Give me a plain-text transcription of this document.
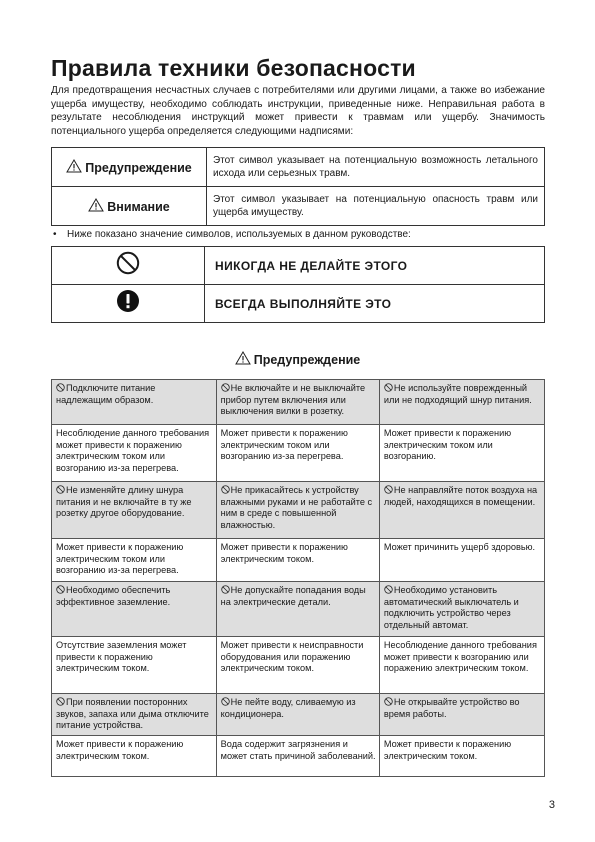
Правила техники безопасности

Для предотвращения несчастных случаев с потребителями или другими лицами, а также во избежание ущерба имуществу, необходимо соблюдать инструкции, приведенные ниже. Неправильная работа в результате несоблюдения инструкций может привести к травмам или ущербу. Значимость потенциального ущерба определяется следующими надписями:

Предупреждение	Этот символ указывает на потенциальную возможность летального исхода или серьезных травм.
Внимание	Этот символ указывает на потенциальную опасность травм или ущерба имуществу.

• Ниже показано значение символов, используемых в данном руководстве:

	НИКОГДА НЕ ДЕЛАЙТЕ ЭТОГО
	ВСЕГДА ВЫПОЛНЯЙТЕ ЭТО

Предупреждение

Подключите питание надлежащим образом.	Не включайте и не выключайте прибор путем включения или выключения вилки в розетку.	Не используйте поврежденный или не подходящий шнур питания.
Несоблюдение данного требования может привести к поражению электрическим током или возгоранию из-за перегрева.	Может привести к поражению электрическим током или возгоранию из-за перегрева.	Может привести к поражению электрическим током или возгоранию.
Не изменяйте длину шнура питания и не включайте в ту же розетку другое оборудование.	Не прикасайтесь к устройству влажными руками и не работайте с ним в среде с повышенной влажностью.	Не направляйте поток воздуха на людей, находящихся в помещении.
Может привести к поражению электрическим током или возгоранию из-за перегрева.	Может привести к поражению электрическим током.	Может причинить ущерб здоровью.
Необходимо обеспечить эффективное заземление.	Не допускайте попадания воды на электрические детали.	Необходимо установить автоматический выключатель и подключить устройство через отдельный автомат.
Отсутствие заземления может привести к поражению электрическим током.	Может привести к неисправности оборудования или поражению электрическим током.	Несоблюдение данного требования может привести к возгоранию или поражению электрическим током.
При появлении посторонних звуков, запаха или дыма отключите питание устройства.	Не пейте воду, сливаемую из кондиционера.	Не открывайте устройство во время работы.
Может привести к поражению электрическим током.	Вода содержит загрязнения и может стать причиной заболеваний.	Может привести к поражению электрическим током.

3
